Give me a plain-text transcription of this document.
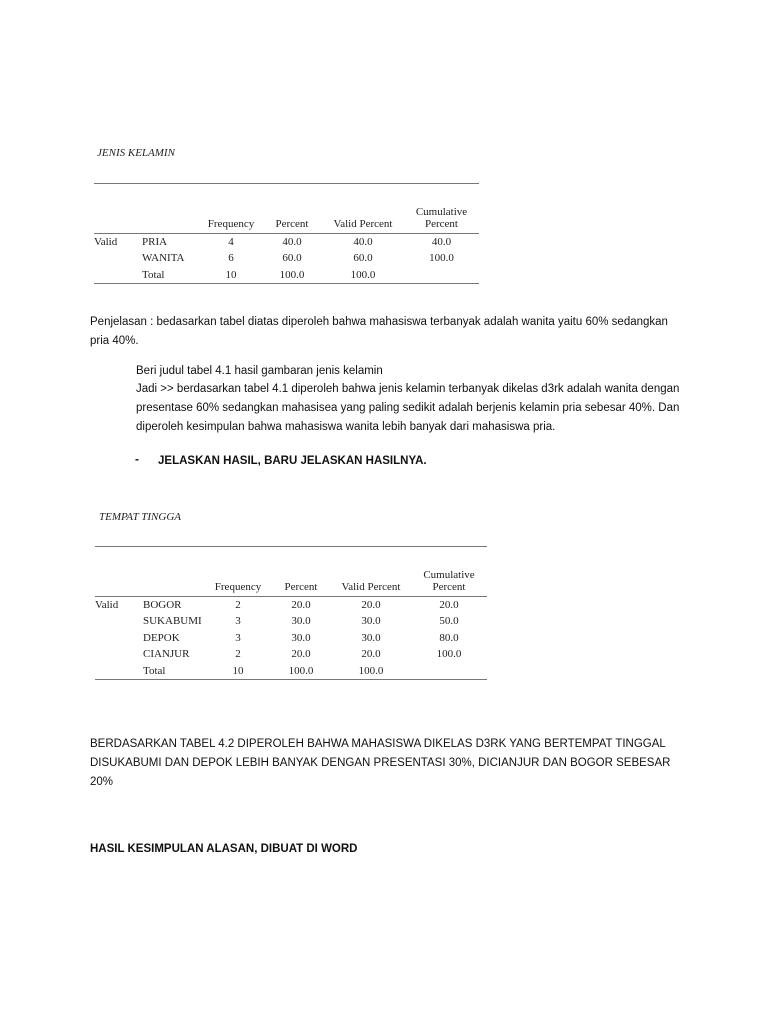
JENIS KELAMIN
		Frequency	Percent	Valid Percent	Cumulative
Percent
Valid	PRIA	4	40.0	40.0	40.0
	WANITA	6	60.0	60.0	100.0
	Total	10	100.0	100.0	
Penjelasan : bedasarkan tabel diatas diperoleh bahwa mahasiswa terbanyak adalah wanita yaitu 60% sedangkan pria 40%.
Beri judul tabel 4.1 hasil gambaran jenis kelamin
Jadi >> berdasarkan tabel 4.1 diperoleh bahwa jenis kelamin terbanyak dikelas d3rk adalah wanita dengan presentase 60% sedangkan mahasisea yang paling sedikit adalah berjenis kelamin pria sebesar 40%. Dan diperoleh kesimpulan bahwa mahasiswa wanita lebih banyak dari mahasiswa pria.
- JELASKAN HASIL, BARU JELASKAN HASILNYA.
TEMPAT TINGGA
		Frequency	Percent	Valid Percent	Cumulative
Percent
Valid	BOGOR	2	20.0	20.0	20.0
	SUKABUMI	3	30.0	30.0	50.0
	DEPOK	3	30.0	30.0	80.0
	CIANJUR	2	20.0	20.0	100.0
	Total	10	100.0	100.0	
BERDASARKAN TABEL 4.2 DIPEROLEH BAHWA MAHASISWA DIKELAS D3RK YANG BERTEMPAT TINGGAL DISUKABUMI DAN DEPOK LEBIH BANYAK DENGAN PRESENTASI 30%, DICIANJUR DAN BOGOR SEBESAR 20%
HASIL KESIMPULAN ALASAN, DIBUAT DI WORD
